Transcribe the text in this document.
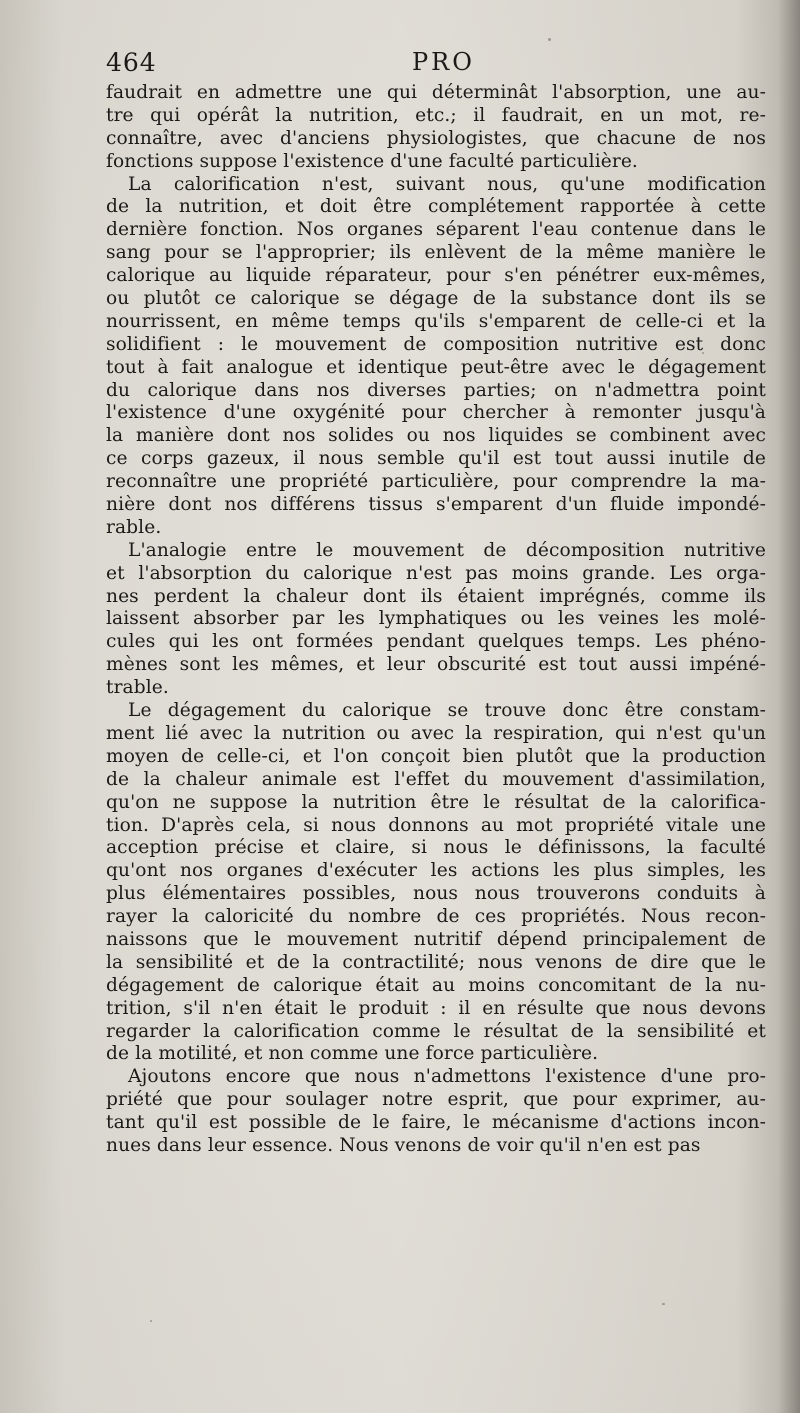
464	PRO
faudrait en admettre une qui déterminât l'absorption, une au-
tre qui opérât la nutrition, etc.; il faudrait, en un mot, re-
connaître, avec d'anciens physiologistes, que chacune de nos
fonctions suppose l'existence d'une faculté particulière.
La calorification n'est, suivant nous, qu'une modification
de la nutrition, et doit être complétement rapportée à cette
dernière fonction. Nos organes séparent l'eau contenue dans le
sang pour se l'approprier; ils enlèvent de la même manière le
calorique au liquide réparateur, pour s'en pénétrer eux-mêmes,
ou plutôt ce calorique se dégage de la substance dont ils se
nourrissent, en même temps qu'ils s'emparent de celle-ci et la
solidifient : le mouvement de composition nutritive est donc
tout à fait analogue et identique peut-être avec le dégagement
du calorique dans nos diverses parties; on n'admettra point
l'existence d'une oxygénité pour chercher à remonter jusqu'à
la manière dont nos solides ou nos liquides se combinent avec
ce corps gazeux, il nous semble qu'il est tout aussi inutile de
reconnaître une propriété particulière, pour comprendre la ma-
nière dont nos différens tissus s'emparent d'un fluide impondé-
rable.
L'analogie entre le mouvement de décomposition nutritive
et l'absorption du calorique n'est pas moins grande. Les orga-
nes perdent la chaleur dont ils étaient imprégnés, comme ils
laissent absorber par les lymphatiques ou les veines les molé-
cules qui les ont formées pendant quelques temps. Les phéno-
mènes sont les mêmes, et leur obscurité est tout aussi impéné-
trable.
Le dégagement du calorique se trouve donc être constam-
ment lié avec la nutrition ou avec la respiration, qui n'est qu'un
moyen de celle-ci, et l'on conçoit bien plutôt que la production
de la chaleur animale est l'effet du mouvement d'assimilation,
qu'on ne suppose la nutrition être le résultat de la calorifica-
tion. D'après cela, si nous donnons au mot propriété vitale une
acception précise et claire, si nous le définissons, la faculté
qu'ont nos organes d'exécuter les actions les plus simples, les
plus élémentaires possibles, nous nous trouverons conduits à
rayer la caloricité du nombre de ces propriétés. Nous recon-
naissons que le mouvement nutritif dépend principalement de
la sensibilité et de la contractilité; nous venons de dire que le
dégagement de calorique était au moins concomitant de la nu-
trition, s'il n'en était le produit : il en résulte que nous devons
regarder la calorification comme le résultat de la sensibilité et
de la motilité, et non comme une force particulière.
Ajoutons encore que nous n'admettons l'existence d'une pro-
priété que pour soulager notre esprit, que pour exprimer, au-
tant qu'il est possible de le faire, le mécanisme d'actions incon-
nues dans leur essence. Nous venons de voir qu'il n'en est pas
